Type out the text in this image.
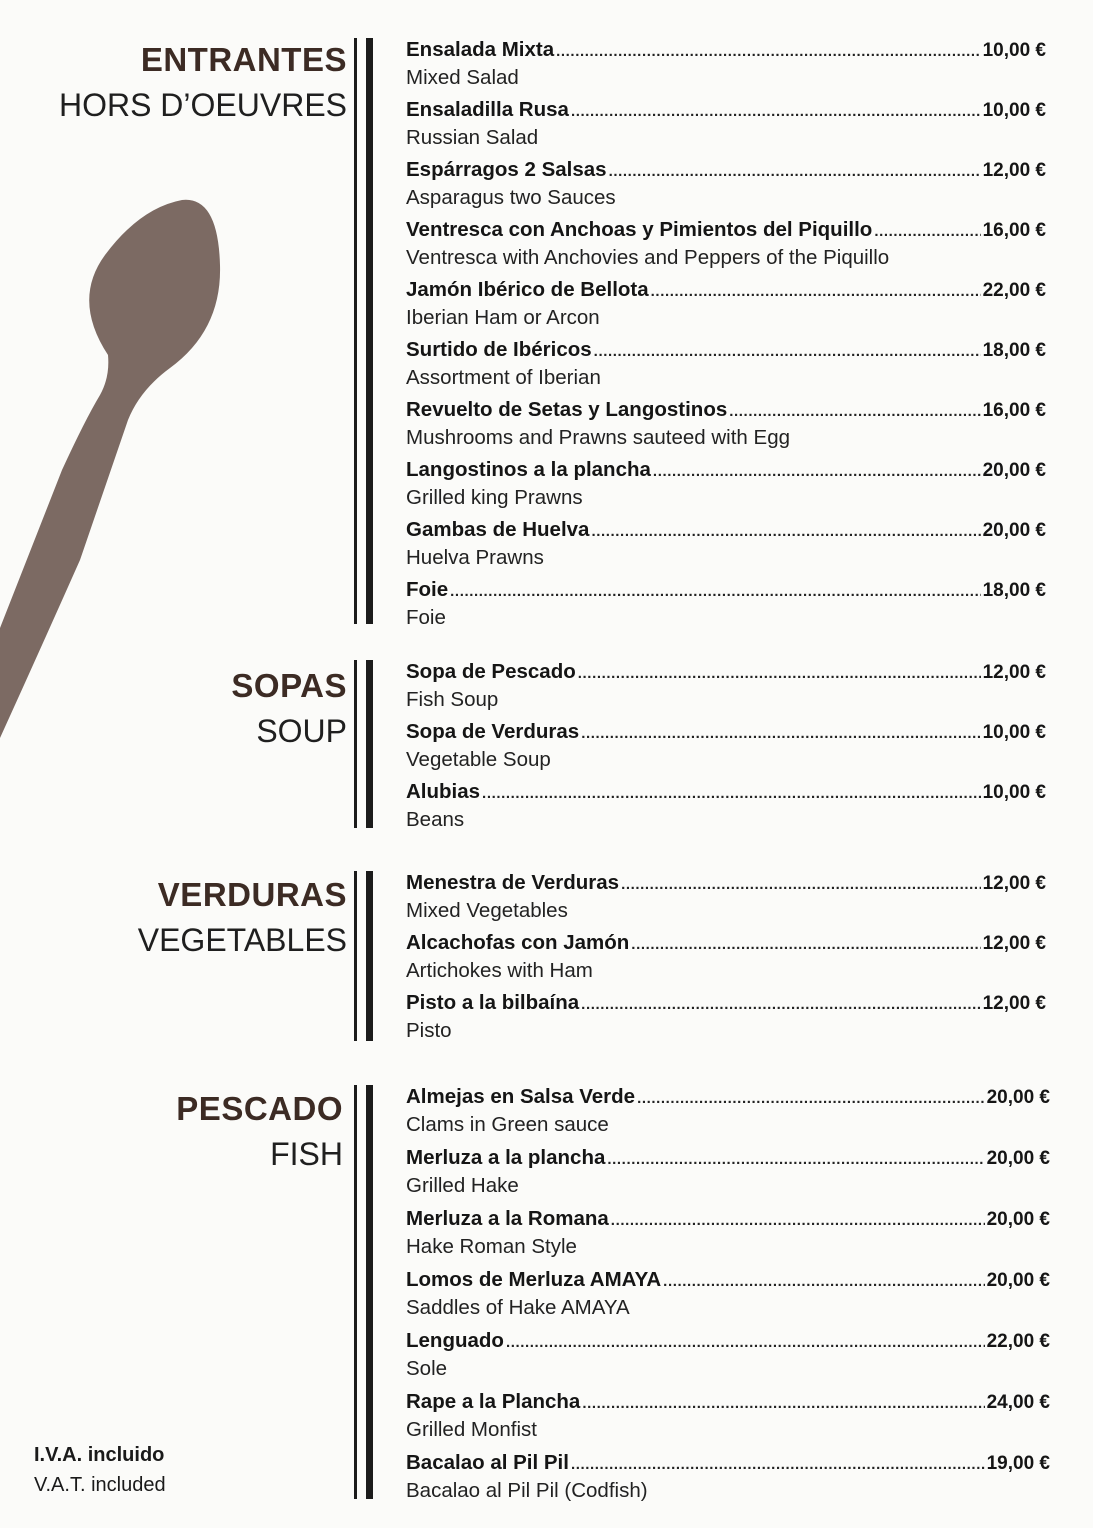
ENTRANTES
HORS D’OEUVRES
Ensalada Mixta .....	10,00 €
Mixed Salad
Ensaladilla Rusa .....	10,00 €
Russian Salad
Espárragos 2 Salsas .....	12,00 €
Asparagus two Sauces
Ventresca con Anchoas y Pimientos del Piquillo .....	16,00 €
Ventresca with Anchovies and Peppers of the Piquillo
Jamón Ibérico de Bellota .....	22,00 €
Iberian Ham or Arcon
Surtido de Ibéricos .....	18,00 €
Assortment of Iberian
Revuelto de Setas y Langostinos .....	16,00 €
Mushrooms and Prawns sauteed with Egg
Langostinos a la plancha .....	20,00 €
Grilled king Prawns
Gambas de Huelva .....	20,00 €
Huelva Prawns
Foie .....	18,00 €
Foie
SOPAS
SOUP
Sopa de Pescado .....	12,00 €
Fish Soup
Sopa de Verduras .....	10,00 €
Vegetable Soup
Alubias .....	10,00 €
Beans
VERDURAS
VEGETABLES
Menestra de Verduras .....	12,00 €
Mixed Vegetables
Alcachofas con Jamón .....	12,00 €
Artichokes with Ham
Pisto a la bilbaína .....	12,00 €
Pisto
PESCADO
FISH
Almejas en Salsa Verde .....	20,00 €
Clams in Green sauce
Merluza a la plancha .....	20,00 €
Grilled Hake
Merluza a la Romana .....	20,00 €
Hake Roman Style
Lomos de Merluza AMAYA .....	20,00 €
Saddles of Hake AMAYA
Lenguado .....	22,00 €
Sole
Rape a la Plancha .....	24,00 €
Grilled Monfist
Bacalao al Pil Pil .....	19,00 €
Bacalao al Pil Pil (Codfish)
I.V.A. incluido
V.A.T. included
